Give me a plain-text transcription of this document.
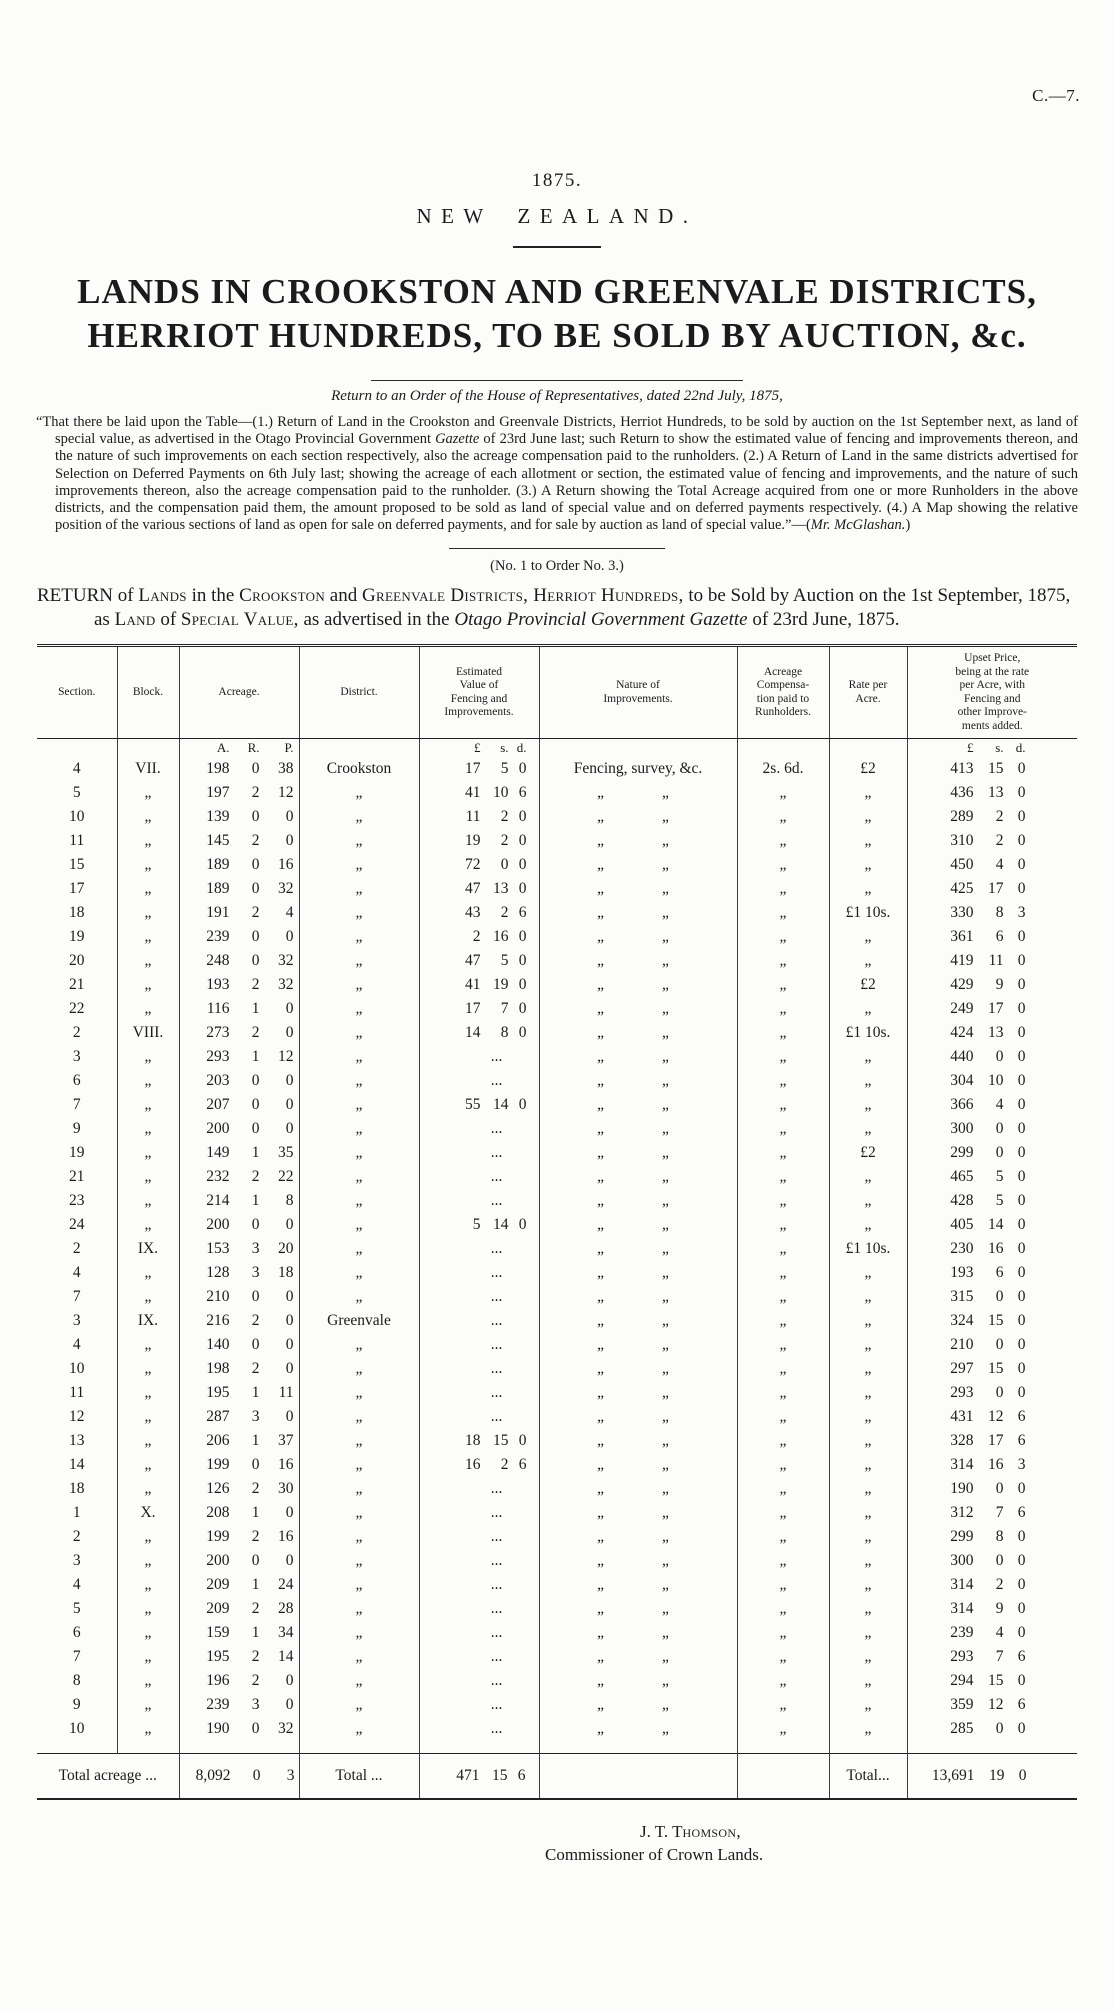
C.—7.
1875.
NEW ZEALAND.
LANDS IN CROOKSTON AND GREENVALE DISTRICTS,
HERRIOT HUNDREDS, TO BE SOLD BY AUCTION, &c.
Return to an Order of the House of Representatives, dated 22nd July, 1875,

“That there be laid upon the Table—(1.) Return of Land in the Crookston and Greenvale Districts, Herriot Hundreds, to be sold by auction on the 1st September next, as land of special value, as advertised in the Otago Provincial Government Gazette of 23rd June last; such Return to show the estimated value of fencing and improvements thereon, and the nature of such improvements on each section respectively, also the acreage compensation paid to the runholders. (2.) A Return of Land in the same districts advertised for Selection on Deferred Payments on 6th July last; showing the acreage of each allotment or section, the estimated value of fencing and improvements, and the nature of such improvements thereon, also the acreage compensation paid to the runholder. (3.) A Return showing the Total Acreage acquired from one or more Runholders in the above districts, and the compensation paid them, the amount proposed to be sold as land of special value and on deferred payments respectively. (4.) A Map showing the relative position of the various sections of land as open for sale on deferred payments, and for sale by auction as land of special value.”—(Mr. McGlashan.)

(No. 1 to Order No. 3.)

RETURN of Lands in the Crookston and Greenvale Districts, Herriot Hundreds, to be Sold by Auction on the 1st September, 1875, as Land of Special Value, as advertised in the Otago Provincial Government Gazette of 23rd June, 1875.

Section.	Block.	Acreage.	District.	Estimated
Value of
Fencing and
Improvements.	Nature of
Improvements.	Acreage
Compensa-
tion paid to
Runholders.	Rate per
Acre.	Upset Price,
being at the rate
per Acre, with
Fencing and
other Improve-
ments added.

		A. R. P.		£ s. d.				£ s. d.

4	VII.	198 0 38	Crookston	17 5 0	Fencing, survey, &c.	2s. 6d.	£2	413 15 0

5	„	197 2 12	„	41 10 6	„ „	„	„	436 13 0

10	„	139 0 0	„	11 2 0	„ „	„	„	289 2 0

11	„	145 2 0	„	19 2 0	„ „	„	„	310 2 0

15	„	189 0 16	„	72 0 0	„ „	„	„	450 4 0

17	„	189 0 32	„	47 13 0	„ „	„	„	425 17 0

18	„	191 2 4	„	43 2 6	„ „	„	£1 10s.	330 8 3

19	„	239 0 0	„	2 16 0	„ „	„	„	361 6 0

20	„	248 0 32	„	47 5 0	„ „	„	„	419 11 0

21	„	193 2 32	„	41 19 0	„ „	„	£2	429 9 0

22	„	116 1 0	„	17 7 0	„ „	„	„	249 17 0

2	VIII.	273 2 0	„	14 8 0	„ „	„	£1 10s.	424 13 0

3	„	293 1 12	„	...	„ „	„	„	440 0 0

6	„	203 0 0	„	...	„ „	„	„	304 10 0

7	„	207 0 0	„	55 14 0	„ „	„	„	366 4 0

9	„	200 0 0	„	...	„ „	„	„	300 0 0

19	„	149 1 35	„	...	„ „	„	£2	299 0 0

21	„	232 2 22	„	...	„ „	„	„	465 5 0

23	„	214 1 8	„	...	„ „	„	„	428 5 0

24	„	200 0 0	„	5 14 0	„ „	„	„	405 14 0

2	IX.	153 3 20	„	...	„ „	„	£1 10s.	230 16 0

4	„	128 3 18	„	...	„ „	„	„	193 6 0

7	„	210 0 0	„	...	„ „	„	„	315 0 0

3	IX.	216 2 0	Greenvale	...	„ „	„	„	324 15 0

4	„	140 0 0	„	...	„ „	„	„	210 0 0

10	„	198 2 0	„	...	„ „	„	„	297 15 0

11	„	195 1 11	„	...	„ „	„	„	293 0 0

12	„	287 3 0	„	...	„ „	„	„	431 12 6

13	„	206 1 37	„	18 15 0	„ „	„	„	328 17 6

14	„	199 0 16	„	16 2 6	„ „	„	„	314 16 3

18	„	126 2 30	„	...	„ „	„	„	190 0 0

1	X.	208 1 0	„	...	„ „	„	„	312 7 6

2	„	199 2 16	„	...	„ „	„	„	299 8 0

3	„	200 0 0	„	...	„ „	„	„	300 0 0

4	„	209 1 24	„	...	„ „	„	„	314 2 0

5	„	209 2 28	„	...	„ „	„	„	314 9 0

6	„	159 1 34	„	...	„ „	„	„	239 4 0

7	„	195 2 14	„	...	„ „	„	„	293 7 6

8	„	196 2 0	„	...	„ „	„	„	294 15 0

9	„	239 3 0	„	...	„ „	„	„	359 12 6

10	„	190 0 32	„	...	„ „	„	„	285 0 0

Total acreage ...		8,092 0 3	Total ...	471 15 6			Total...	13,691 19 0
J. T. Thomson,
Commissioner of Crown Lands.
